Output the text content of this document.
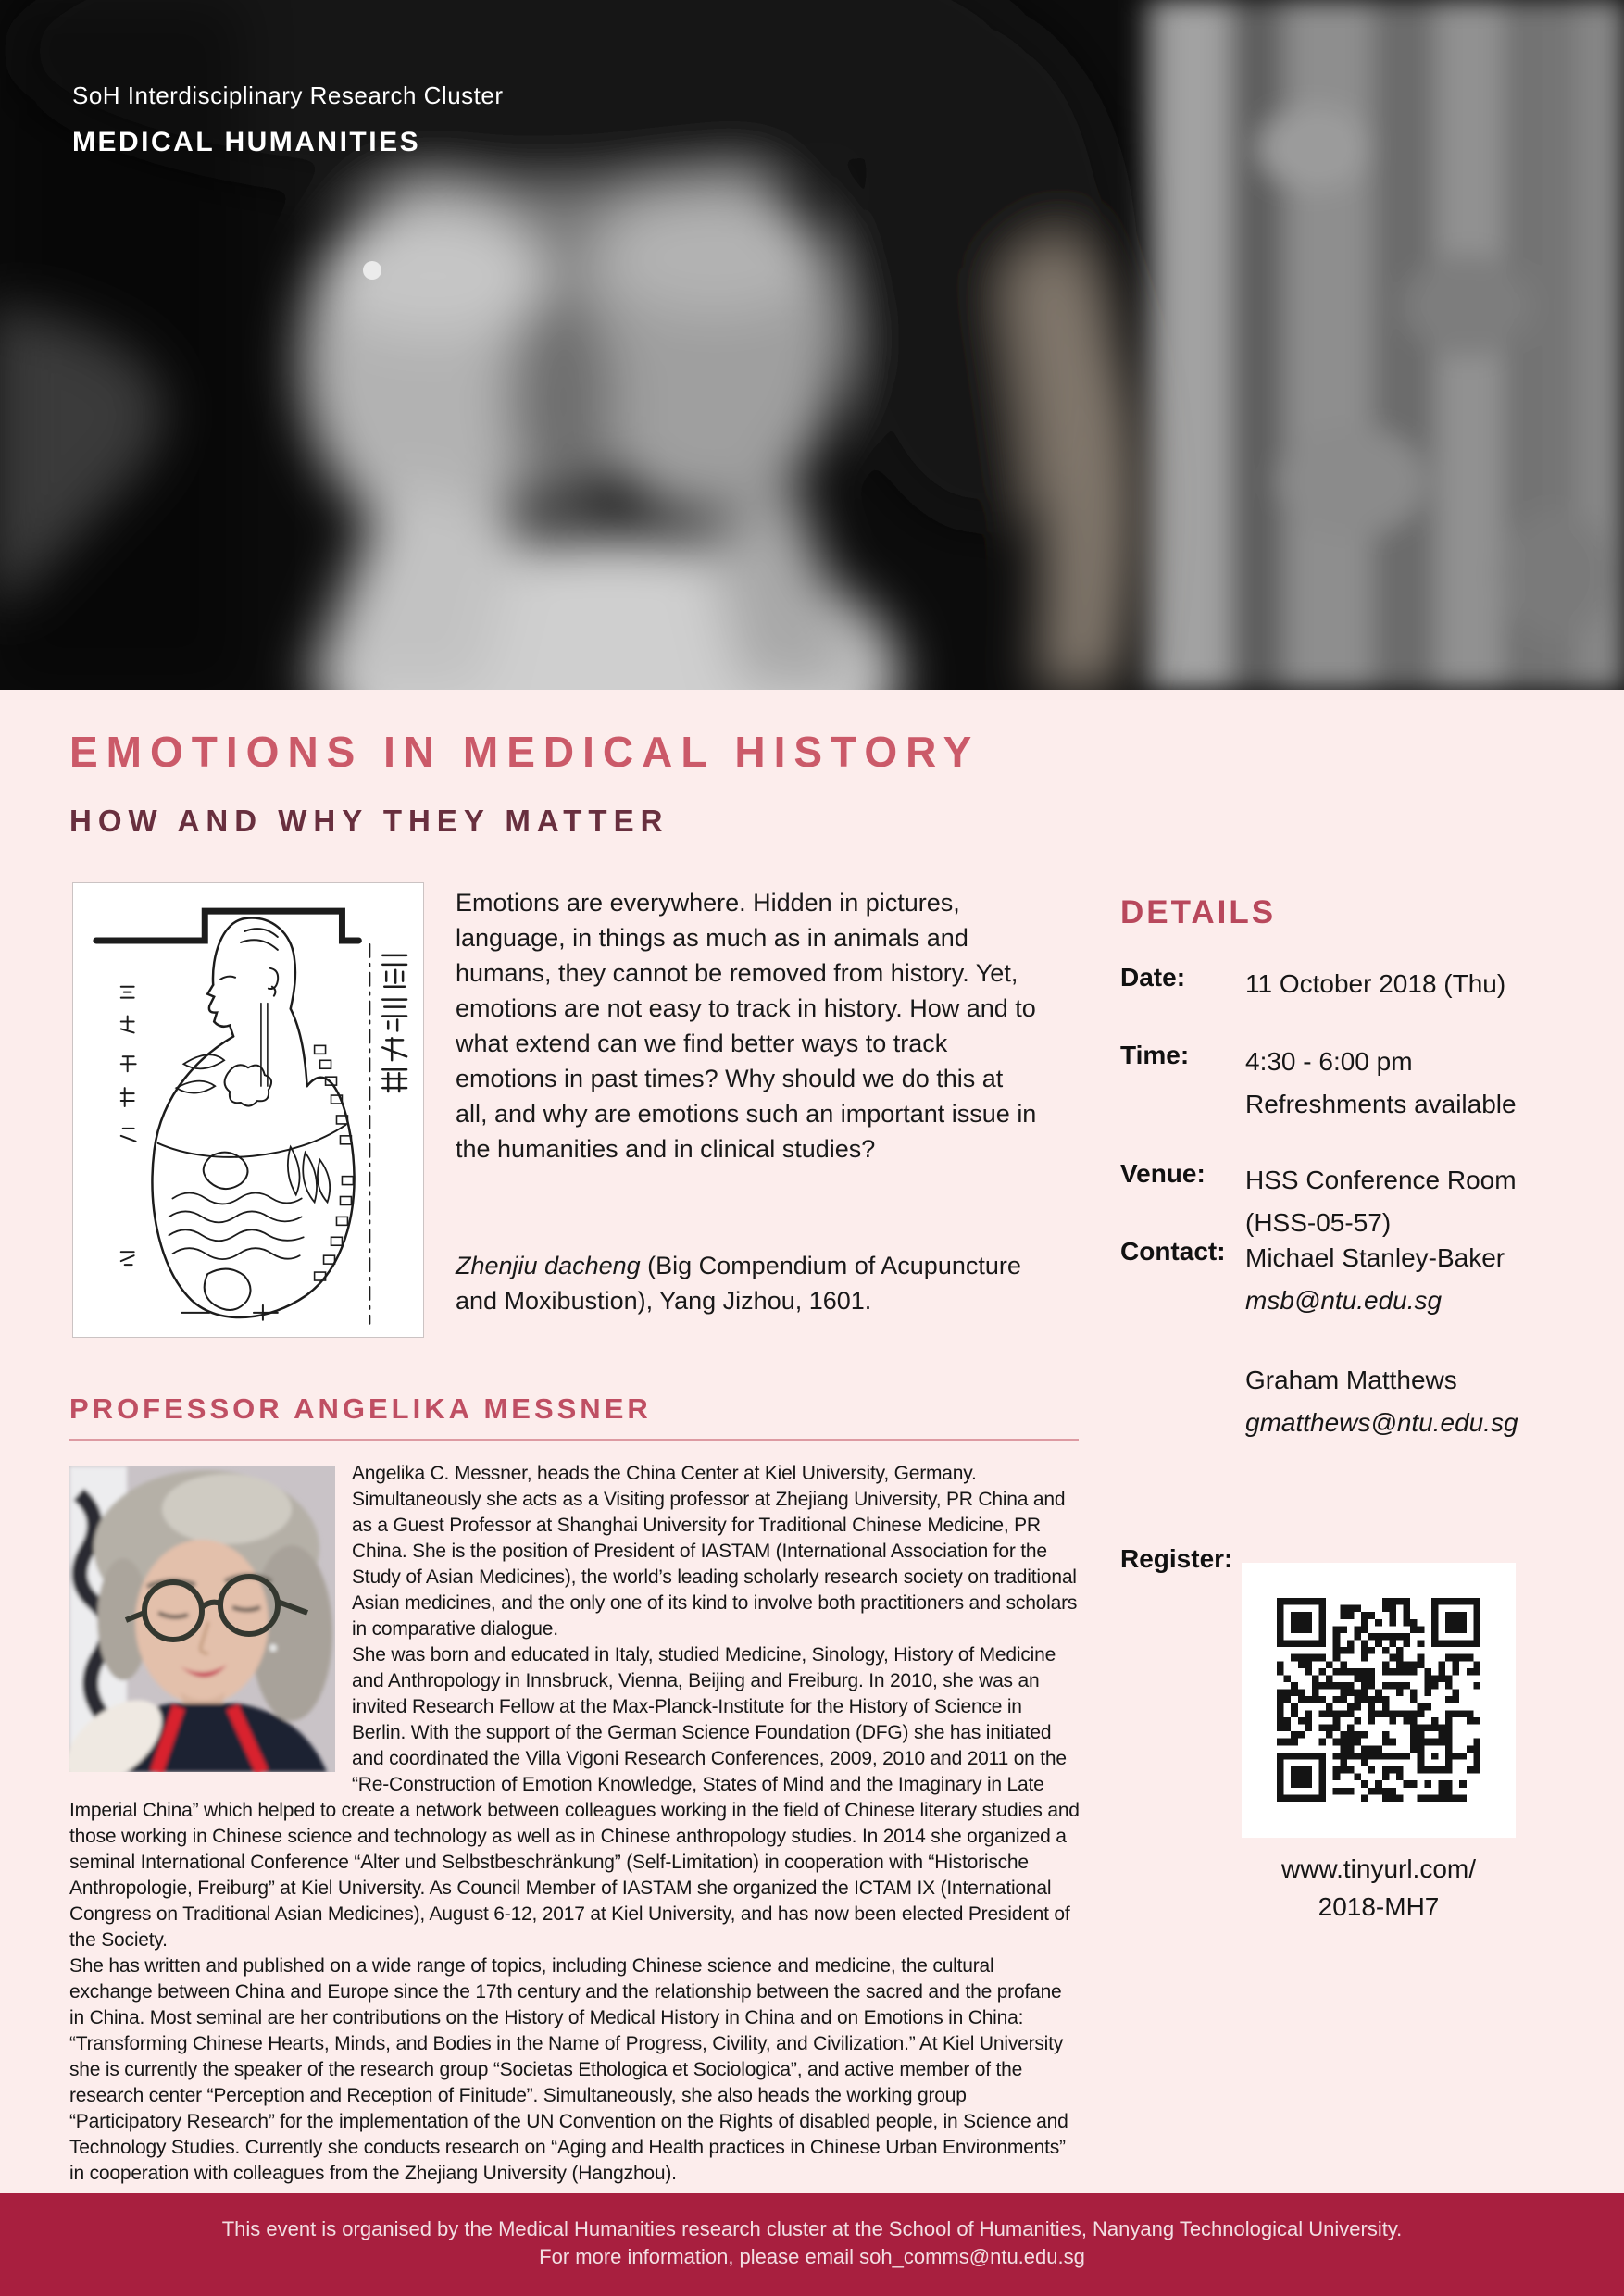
SoH Interdisciplinary Research Cluster
MEDICAL HUMANITIES
EMOTIONS IN MEDICAL HISTORY
HOW AND WHY THEY MATTER

Emotions are everywhere. Hidden in pictures, language, in things as much as in animals and humans, they cannot be removed from history. Yet, emotions are not easy to track in history. How and to what extend can we find better ways to track emotions in past times? Why should we do this at all, and why are emotions such an important issue in the humanities and in clinical studies?

Zhenjiu dacheng (Big Compendium of Acupuncture and Moxibustion), Yang Jizhou, 1601.

DETAILS
Date: 11 October 2018 (Thu)
Time: 4:30 - 6:00 pm
Refreshments available
Venue: HSS Conference Room
(HSS-05-57)
Contact: Michael Stanley-Baker
msb@ntu.edu.sg
Graham Matthews
gmatthews@ntu.edu.sg
Register:
www.tinyurl.com/
2018-MH7
PROFESSOR ANGELIKA MESSNER

Angelika C. Messner, heads the China Center at Kiel University, Germany. Simultaneously she acts as a Visiting professor at Zhejiang University, PR China and as a Guest Professor at Shanghai University for Traditional Chinese Medicine, PR China. She is the position of President of IASTAM (International Association for the Study of Asian Medicines), the world’s leading scholarly research society on traditional Asian medicines, and the only one of its kind to involve both practitioners and scholars in comparative dialogue.

She was born and educated in Italy, studied Medicine, Sinology, History of Medicine and Anthropology in Innsbruck, Vienna, Beijing and Freiburg. In 2010, she was an invited Research Fellow at the Max-Planck-Institute for the History of Science in Berlin. With the support of the German Science Foundation (DFG) she has initiated and coordinated the Villa Vigoni Research Conferences, 2009, 2010 and 2011 on the “Re-Construction of Emotion Knowledge, States of Mind and the Imaginary in Late Imperial China” which helped to create a network between colleagues working in the field of Chinese literary studies and those working in Chinese science and technology as well as in Chinese anthropology studies. In 2014 she organized a seminal International Conference “Alter und Selbstbeschränkung” (Self-Limitation) in cooperation with “Historische Anthropologie, Freiburg” at Kiel University. As Council Member of IASTAM she organized the ICTAM IX (International Congress on Traditional Asian Medicines), August 6-12, 2017 at Kiel University, and has now been elected President of the Society.

She has written and published on a wide range of topics, including Chinese science and medicine, the cultural exchange between China and Europe since the 17th century and the relationship between the sacred and the profane in China. Most seminal are her contributions on the History of Medical History in China and on Emotions in China: “Transforming Chinese Hearts, Minds, and Bodies in the Name of Progress, Civility, and Civilization.” At Kiel University she is currently the speaker of the research group “Societas Ethologica et Sociologica”, and active member of the research center “Perception and Reception of Finitude”. Simultaneously, she also heads the working group “Participatory Research” for the implementation of the UN Convention on the Rights of disabled people, in Science and Technology Studies. Currently she conducts research on “Aging and Health practices in Chinese Urban Environments” in cooperation with colleagues from the Zhejiang University (Hangzhou).

This event is organised by the Medical Humanities research cluster at the School of Humanities, Nanyang Technological University.
For more information, please email soh_comms@ntu.edu.sg
